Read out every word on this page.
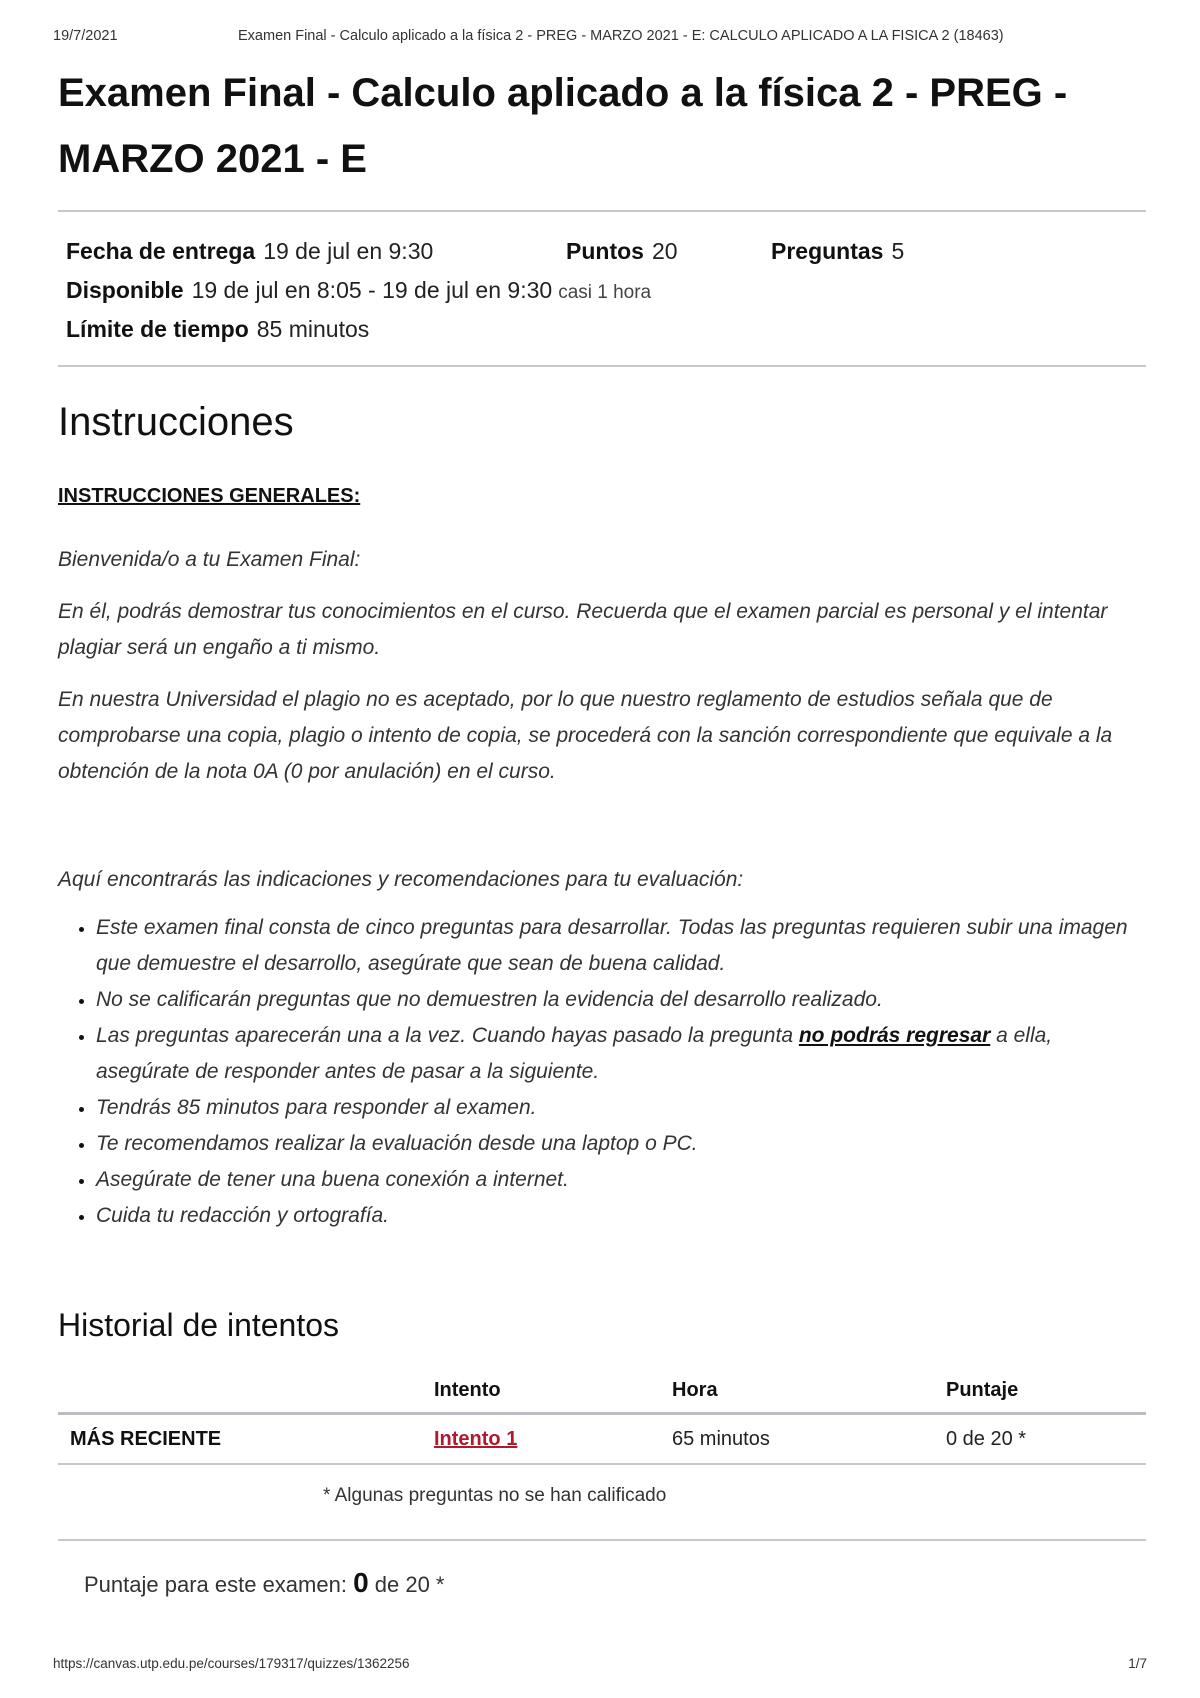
19/7/2021	Examen Final - Calculo aplicado a la física 2 - PREG - MARZO 2021 - E: CALCULO APLICADO A LA FISICA 2 (18463)
Examen Final - Calculo aplicado a la física 2 - PREG - MARZO 2021 - E
Fecha de entrega 19 de jul en 9:30	Puntos 20	Preguntas 5
Disponible 19 de jul en 8:05 - 19 de jul en 9:30 casi 1 hora
Límite de tiempo 85 minutos
Instrucciones
INSTRUCCIONES GENERALES:

Bienvenida/o a tu Examen Final:

En él, podrás demostrar tus conocimientos en el curso. Recuerda que el examen parcial es personal y el intentar plagiar será un engaño a ti mismo.

En nuestra Universidad el plagio no es aceptado, por lo que nuestro reglamento de estudios señala que de comprobarse una copia, plagio o intento de copia, se procederá con la sanción correspondiente que equivale a la obtención de la nota 0A (0 por anulación) en el curso.

Aquí encontrarás las indicaciones y recomendaciones para tu evaluación:

• Este examen final consta de cinco preguntas para desarrollar. Todas las preguntas requieren subir una imagen que demuestre el desarrollo, asegúrate que sean de buena calidad.
• No se calificarán preguntas que no demuestren la evidencia del desarrollo realizado.
• Las preguntas aparecerán una a la vez. Cuando hayas pasado la pregunta no podrás regresar a ella, asegúrate de responder antes de pasar a la siguiente.
• Tendrás 85 minutos para responder al examen.
• Te recomendamos realizar la evaluación desde una laptop o PC.
• Asegúrate de tener una buena conexión a internet.
• Cuida tu redacción y ortografía.
Historial de intentos
	Intento	Hora	Puntaje
MÁS RECIENTE	Intento 1	65 minutos	0 de 20 *
* Algunas preguntas no se han calificado
Puntaje para este examen: 0 de 20 *
https://canvas.utp.edu.pe/courses/179317/quizzes/1362256	1/7
